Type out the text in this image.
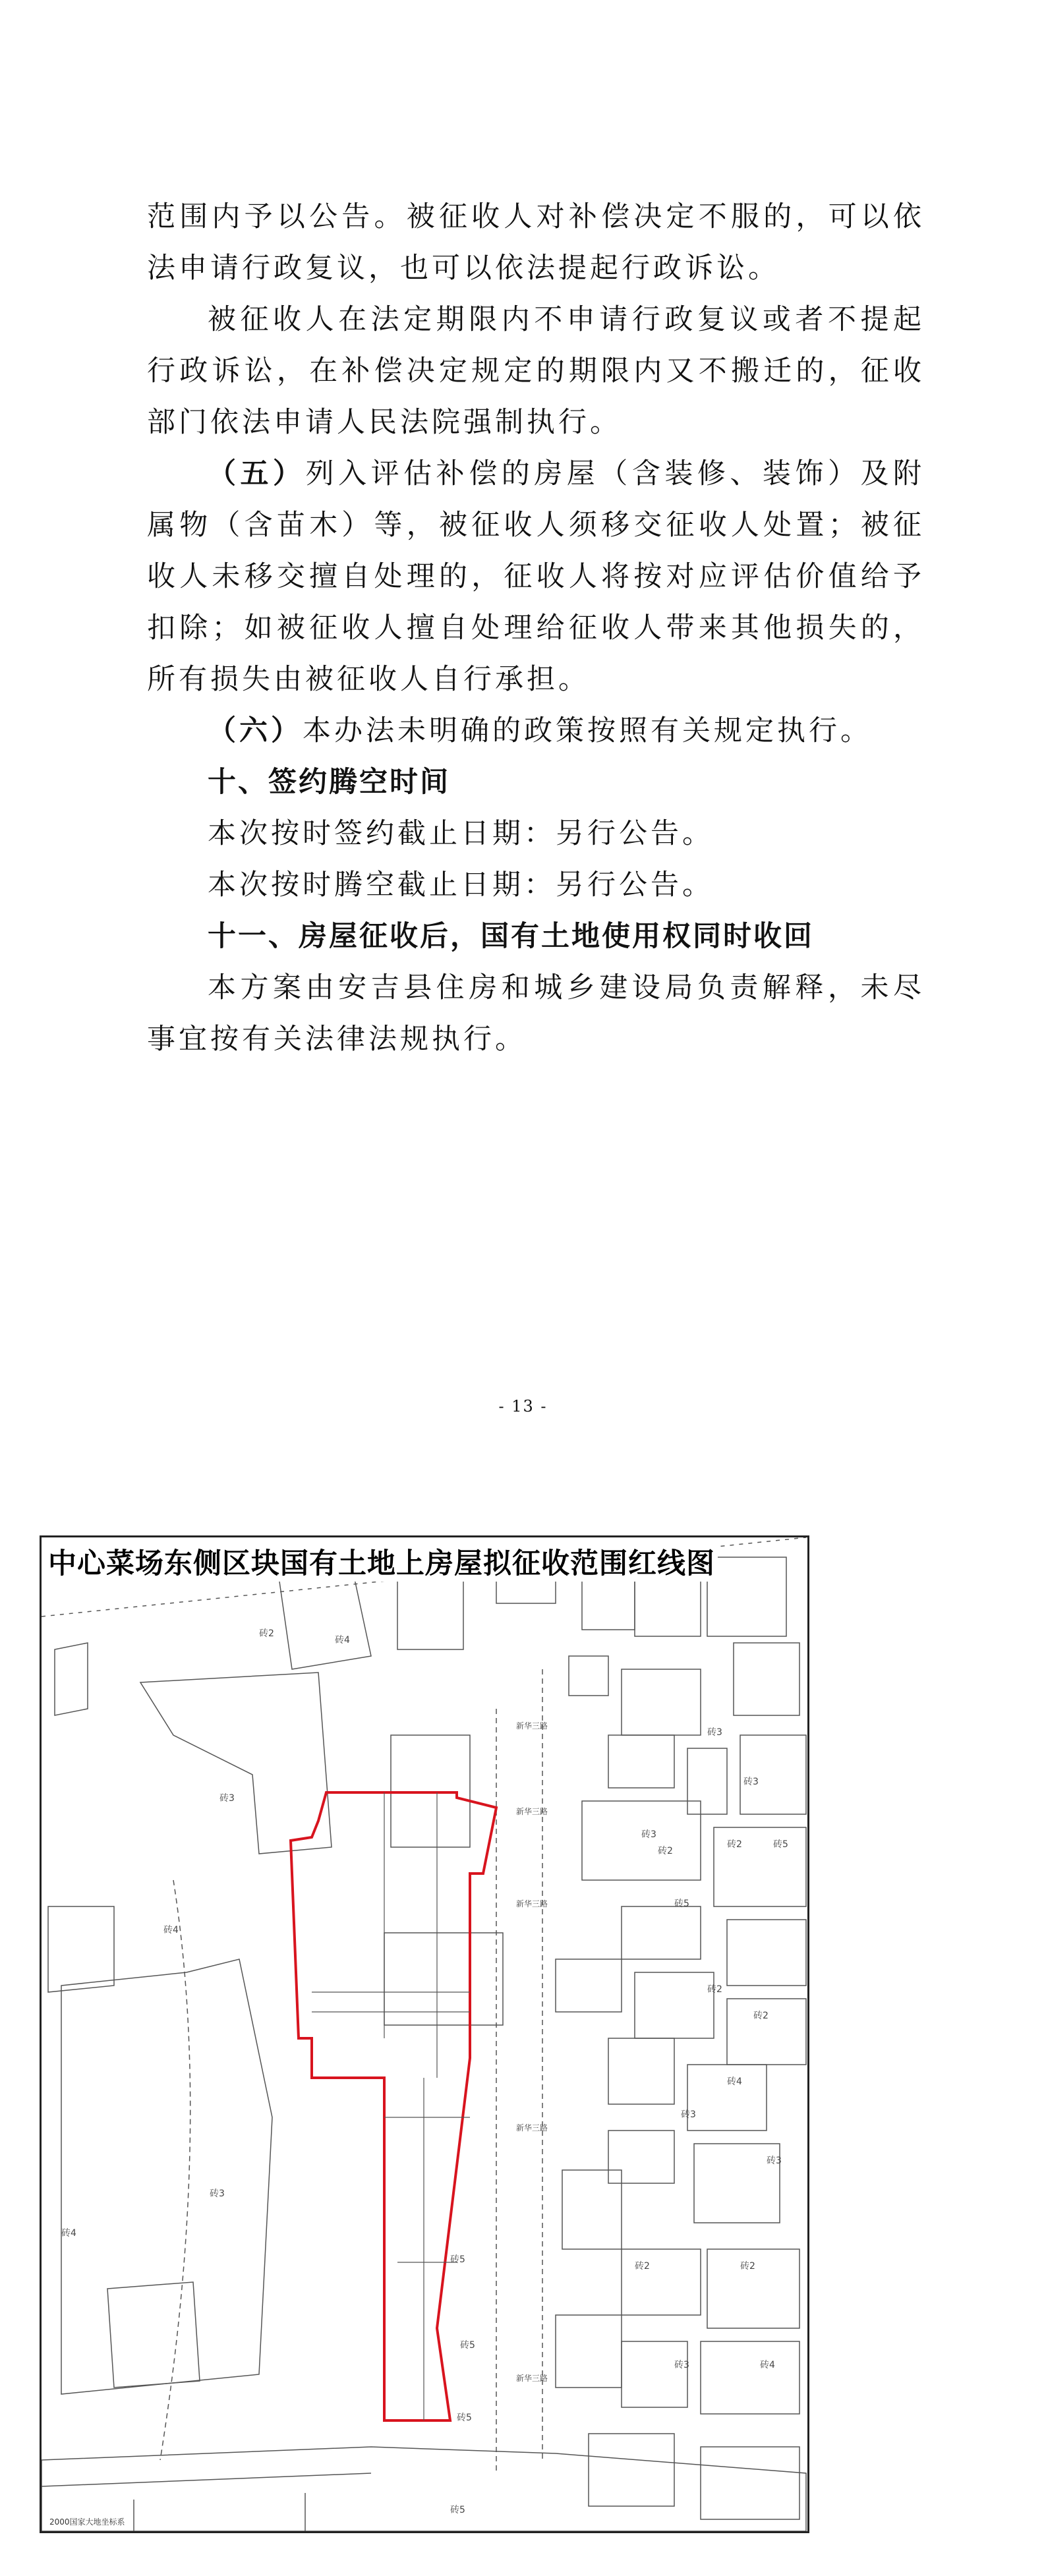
范围内予以公告。被征收人对补偿决定不服的，可以依法申请行政复议，也可以依法提起行政诉讼。

被征收人在法定期限内不申请行政复议或者不提起行政诉讼，在补偿决定规定的期限内又不搬迁的，征收部门依法申请人民法院强制执行。

（五）列入评估补偿的房屋（含装修、装饰）及附属物（含苗木）等，被征收人须移交征收人处置；被征收人未移交擅自处理的，征收人将按对应评估价值给予扣除；如被征收人擅自处理给征收人带来其他损失的，所有损失由被征收人自行承担。

（六）本办法未明确的政策按照有关规定执行。

十、签约腾空时间

本次按时签约截止日期：另行公告。

本次按时腾空截止日期：另行公告。

十一、房屋征收后，国有土地使用权同时收回

本方案由安吉县住房和城乡建设局负责解释，未尽事宜按有关法律法规执行。

- 13 -
砖2
砖4
砖3
砖4
砖3
砖4
砖5
砖5
砖5
砖5
砖2
砖3
砖3
砖2	砖5
砖3
砖5
砖2
砖2
砖3
砖4
砖3
砖2	砖2
砖3	砖4
新华三路
新华三路
新华三路
新华三路
新华三路
中心菜场东侧区块国有土地上房屋拟征收范围红线图
2000国家大地坐标系
